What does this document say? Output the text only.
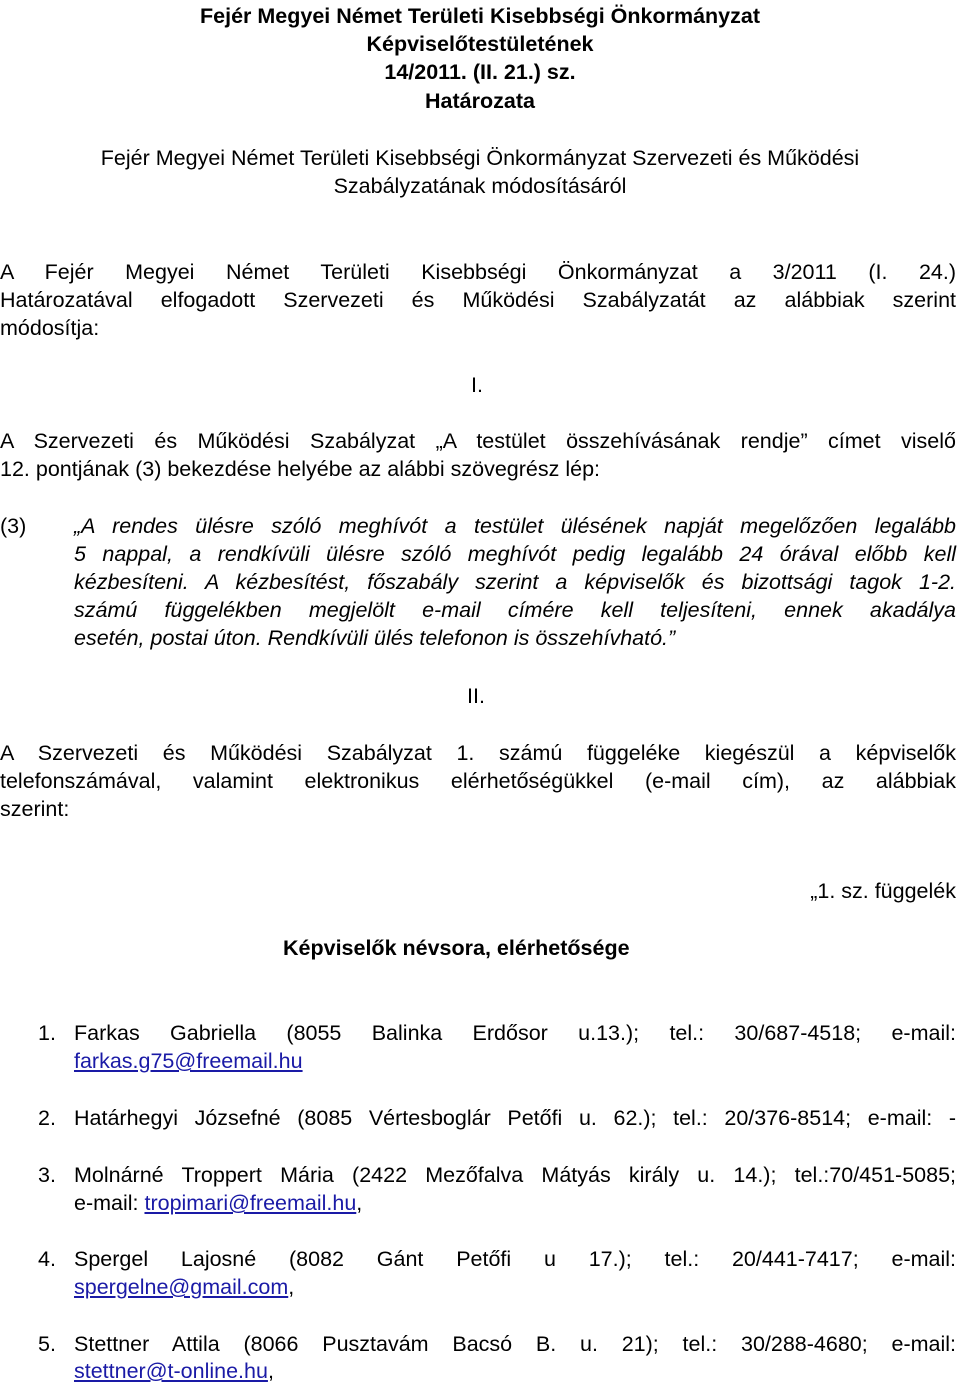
Fejér Megyei Német Területi Kisebbségi Önkormányzat
Képviselőtestületének
14/2011. (II. 21.) sz.
Határozata
Fejér Megyei Német Területi Kisebbségi Önkormányzat Szervezeti és Működési
Szabályzatának módosításáról
A Fejér Megyei Német Területi Kisebbségi Önkormányzat a 3/2011 (I. 24.)
Határozatával elfogadott Szervezeti és Működési Szabályzatát az alábbiak szerint
módosítja:
I.
A Szervezeti és Működési Szabályzat „A testület összehívásának rendje” címet viselő
12. pontjának (3) bekezdése helyébe az alábbi szövegrész lép:
(3) „A rendes ülésre szóló meghívót a testület ülésének napját megelőzően legalább
5 nappal, a rendkívüli ülésre szóló meghívót pedig legalább 24 órával előbb kell
kézbesíteni. A kézbesítést, főszabály szerint a képviselők és bizottsági tagok 1-2.
számú függelékben megjelölt e-mail címére kell teljesíteni, ennek akadálya
esetén, postai úton. Rendkívüli ülés telefonon is összehívható.”
II.
A Szervezeti és Működési Szabályzat 1. számú függeléke kiegészül a képviselők
telefonszámával, valamint elektronikus elérhetőségükkel (e-mail cím), az alábbiak
szerint:
„1. sz. függelék
Képviselők névsora, elérhetősége
1. Farkas Gabriella (8055 Balinka Erdősor u.13.); tel.: 30/687-4518; e-mail:
farkas.g75@freemail.hu
2. Határhegyi Józsefné (8085 Vértesboglár Petőfi u. 62.); tel.: 20/376-8514; e-mail: -
3. Molnárné Troppert Mária (2422 Mezőfalva Mátyás király u. 14.); tel.:70/451-5085;
e-mail: tropimari@freemail.hu,
4. Spergel Lajosné (8082 Gánt Petőfi u 17.); tel.: 20/441-7417; e-mail:
spergelne@gmail.com,
5. Stettner Attila (8066 Pusztavám Bacsó B. u. 21); tel.: 30/288-4680; e-mail:
stettner@t-online.hu,
